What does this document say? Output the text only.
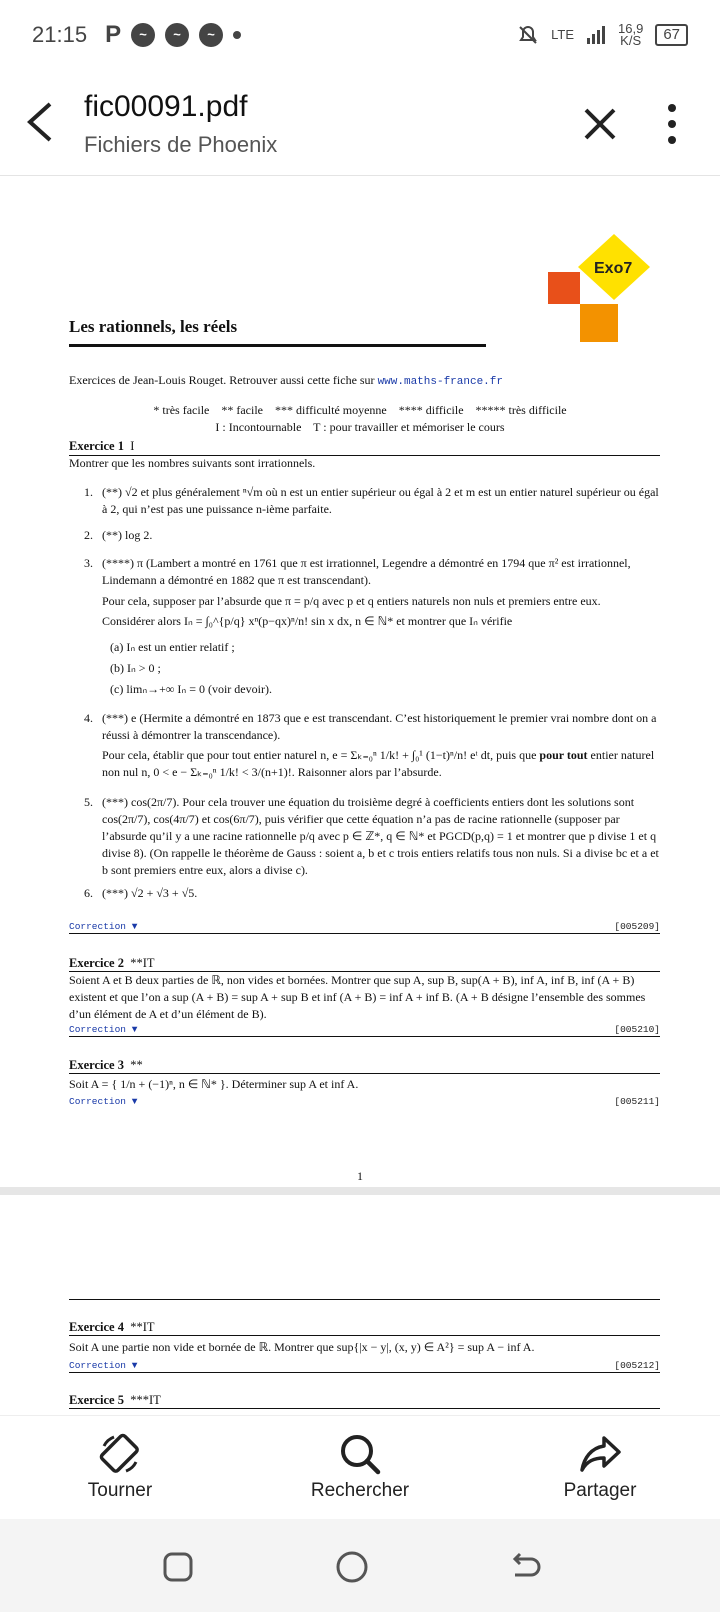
21:15 P	~	~	~	LTE	16,9
K/S	67
fic00091.pdf
Fichiers de Phoenix
Exo7
Les rationnels, les réels
Exercices de Jean-Louis Rouget. Retrouver aussi cette fiche sur www.maths-france.fr
* très facile    ** facile    *** difficulté moyenne    **** difficile    ***** très difficile
I : Incontournable    T : pour travailler et mémoriser le cours
Exercice 1 I
Montrer que les nombres suivants sont irrationnels.
1. (**) √2 et plus généralement ⁿ√m où n est un entier supérieur ou égal à 2 et m est un entier naturel supérieur ou égal à 2, qui n’est pas une puissance n-ième parfaite.
2. (**) log 2.
3. (****) π (Lambert a montré en 1761 que π est irrationnel, Legendre a démontré en 1794 que π² est irrationnel, Lindemann a démontré en 1882 que π est transcendant).
Pour cela, supposer par l’absurde que π = p/q avec p et q entiers naturels non nuls et premiers entre eux.
Considérer alors Iₙ = ∫₀^{p/q} xⁿ(p−qx)ⁿ/n! sin x dx, n ∈ ℕ* et montrer que Iₙ vérifie
(a) Iₙ est un entier relatif ;
(b) Iₙ > 0 ;
(c) limₙ→+∞ Iₙ = 0 (voir devoir).
4. (***) e (Hermite a démontré en 1873 que e est transcendant. C’est historiquement le premier vrai nombre dont on a réussi à démontrer la transcendance).
Pour cela, établir que pour tout entier naturel n, e = Σₖ₌₀ⁿ 1/k! + ∫₀¹ (1−t)ⁿ/n! eᵗ dt, puis que pour tout entier naturel non nul n, 0 < e − Σₖ₌₀ⁿ 1/k! < 3/(n+1)!. Raisonner alors par l’absurde.
5. (***) cos(2π/7). Pour cela trouver une équation du troisième degré à coefficients entiers dont les solutions sont cos(2π/7), cos(4π/7) et cos(6π/7), puis vérifier que cette équation n’a pas de racine rationnelle (supposer par l’absurde qu’il y a une racine rationnelle p/q avec p ∈ ℤ*, q ∈ ℕ* et PGCD(p,q) = 1 et montrer que p divise 1 et q divise 8). (On rappelle le théorème de Gauss : soient a, b et c trois entiers relatifs tous non nuls. Si a divise bc et a et b sont premiers entre eux, alors a divise c).
6. (***) √2 + √3 + √5.
Correction ▼	[005209]
Exercice 2 **IT
Soient A et B deux parties de ℝ, non vides et bornées. Montrer que sup A, sup B, sup(A + B), inf A, inf B, inf (A + B) existent et que l’on a sup (A + B) = sup A + sup B et inf (A + B) = inf A + inf B. (A + B désigne l’ensemble des sommes d’un élément de A et d’un élément de B).
Correction ▼	[005210]
Exercice 3 **
Soit A = { 1/n + (−1)ⁿ, n ∈ ℕ* }. Déterminer sup A et inf A.
Correction ▼	[005211]
1
Exercice 4 **IT
Soit A une partie non vide et bornée de ℝ. Montrer que sup{|x − y|, (x, y) ∈ A²} = sup A − inf A.
Correction ▼	[005212]
Exercice 5 ***IT
Tourner	Rechercher	Partager
